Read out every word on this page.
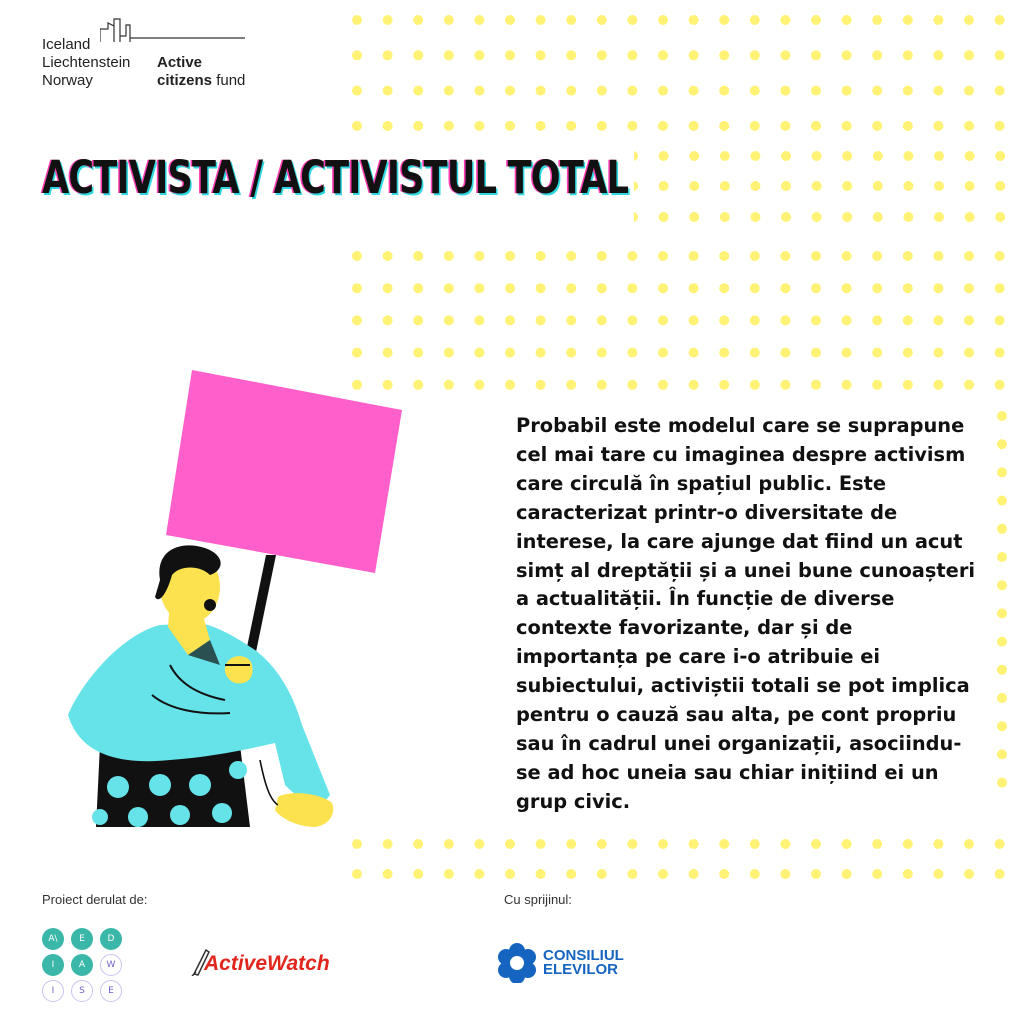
Iceland
Liechtenstein
Norway
Active
citizens fund
ACTIVISTA / ACTIVISTUL TOTAL
Probabil este modelul care se suprapune cel mai tare cu imaginea despre activism care circulă în spațiul public. Este caracterizat printr-o diversitate de interese, la care ajunge dat fiind un acut simț al dreptății și a unei bune cunoașteri a actualității. În funcție de diverse contexte favorizante, dar și de importanța pe care i-o atribuie ei subiectului, activiștii totali se pot implica pentru o cauză sau alta, pe cont propriu sau în cadrul unei organizații, asociindu-se ad hoc uneia sau chiar inițiind ei un grup civic.
Proiect derulat de:	Cu sprijinul:
A\	E	D
I	A	W
I	S	E
ActiveWatch	CONSILIUL
ELEVILOR
